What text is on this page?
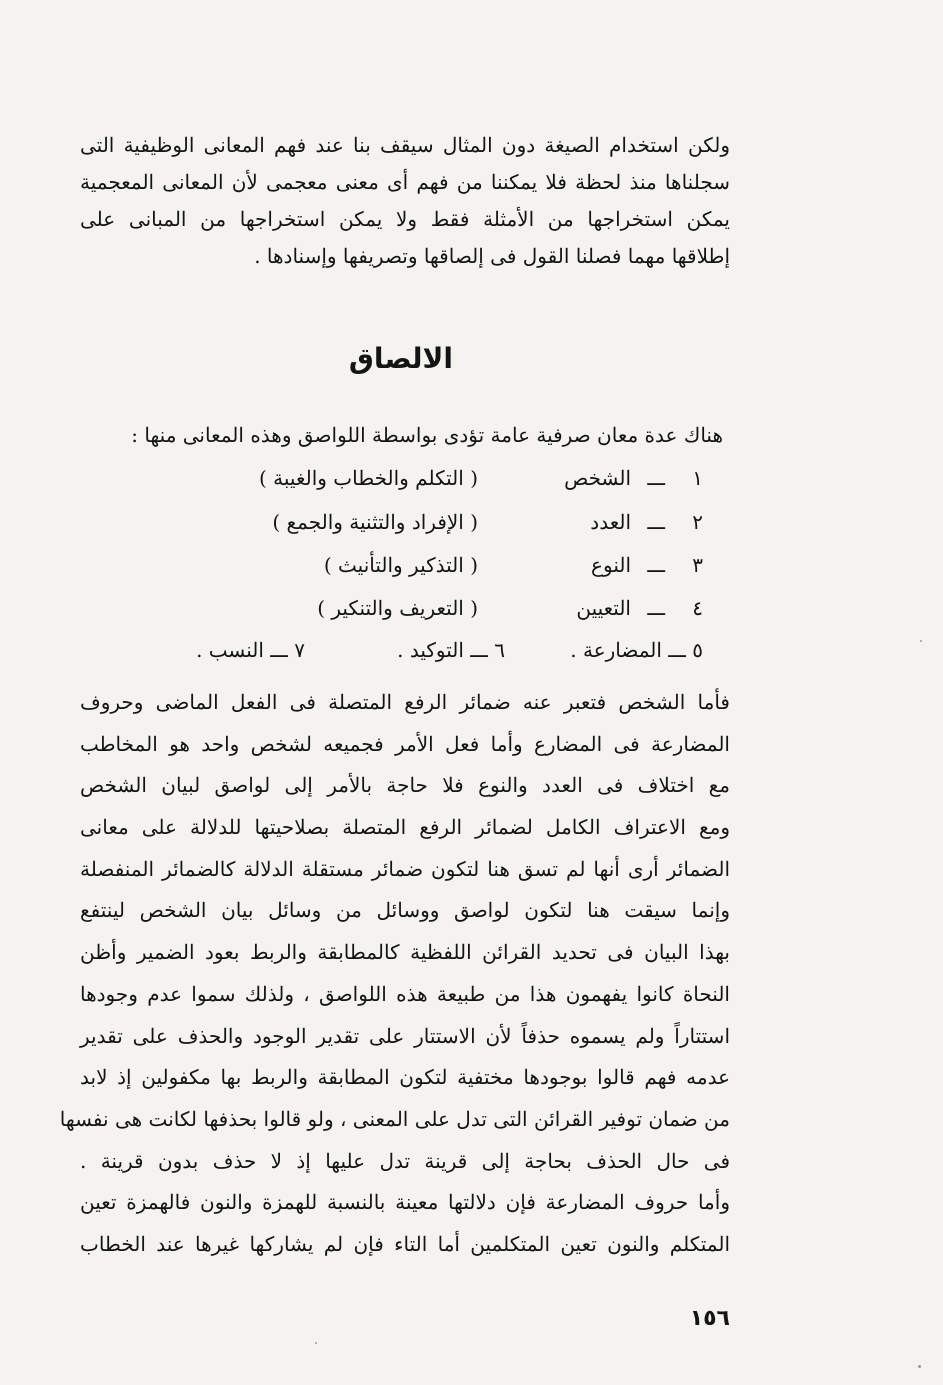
ولكن استخدام الصيغة دون المثال سيقف بنا عند فهم المعانى الوظيفية التى
سجلناها منذ لحظة فلا يمكننا من فهم أى معنى معجمى لأن المعانى المعجمية
يمكن استخراجها من الأمثلة فقط ولا يمكن استخراجها من المبانى على
إطلاقها مهما فصلنا القول فى إلصاقها وتصريفها وإسنادها .
الالصاق
هناك عدة معان صرفية عامة تؤدى بواسطة اللواصق وهذه المعانى منها :
١
ـــ
الشخص
( التكلم والخطاب والغيبة )
٢
ـــ
العدد
( الإفراد والتثنية والجمع )
٣
ـــ
النوع
( التذكير والتأنيث )
٤
ـــ
التعيين
( التعريف والتنكير )
٥ ـــ المضارعة .
٦ ـــ التوكيد .
٧ ـــ النسب .
فأما الشخص فتعبر عنه ضمائر الرفع المتصلة فى الفعل الماضى وحروف
المضارعة فى المضارع وأما فعل الأمر فجميعه لشخص واحد هو المخاطب
مع اختلاف فى العدد والنوع فلا حاجة بالأمر إلى لواصق لبيان الشخص
ومع الاعتراف الكامل لضمائر الرفع المتصلة بصلاحيتها للدلالة على معانى
الضمائر أرى أنها لم تسق هنا لتكون ضمائر مستقلة الدلالة كالضمائر المنفصلة
وإنما سيقت هنا لتكون لواصق ووسائل من وسائل بيان الشخص لينتفع
بهذا البيان فى تحديد القرائن اللفظية كالمطابقة والربط بعود الضمير وأظن
النحاة كانوا يفهمون هذا من طبيعة هذه اللواصق ، ولذلك سموا عدم وجودها
استتاراً ولم يسموه حذفاً لأن الاستتار على تقدير الوجود والحذف على تقدير
عدمه فهم قالوا بوجودها مختفية لتكون المطابقة والربط بها مكفولين إذ لابد
من ضمان توفير القرائن التى تدل على المعنى ، ولو قالوا بحذفها لكانت هى نفسها
فى حال الحذف بحاجة إلى قرينة تدل عليها إذ لا حذف بدون قرينة .
وأما حروف المضارعة فإن دلالتها معينة بالنسبة للهمزة والنون فالهمزة تعين
المتكلم والنون تعين المتكلمين أما التاء فإن لم يشاركها غيرها عند الخطاب
١٥٦
